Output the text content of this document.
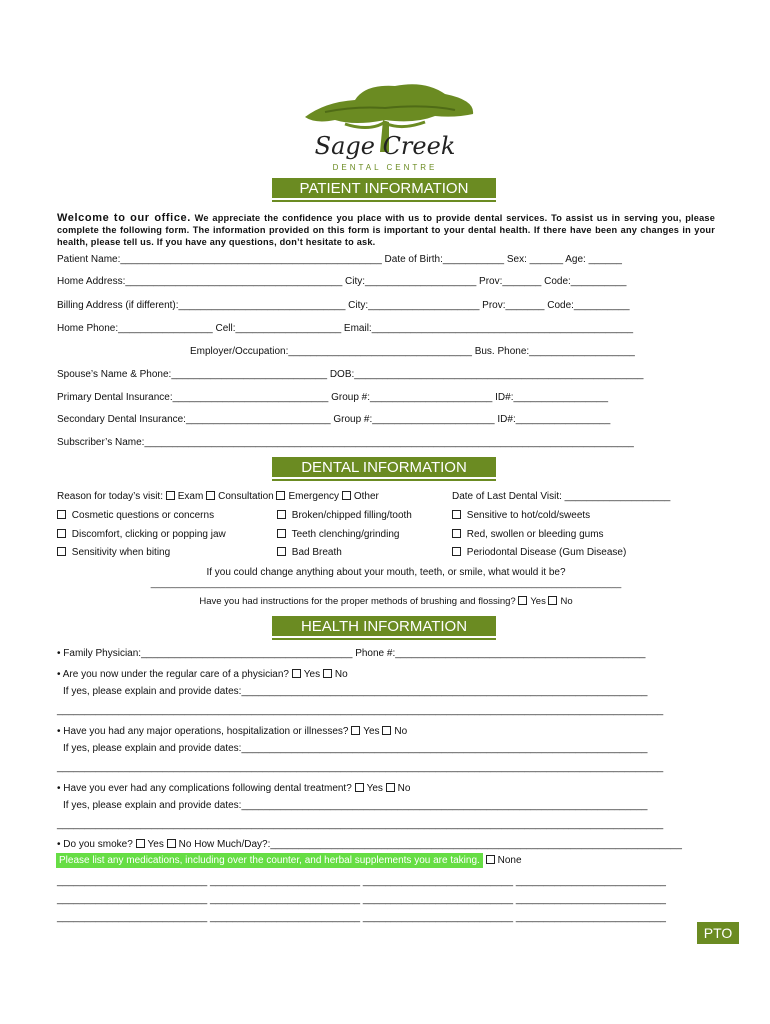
Sage Creek
DENTAL CENTRE
PATIENT INFORMATION
Welcome to our office. We appreciate the confidence you place with us to provide dental services. To assist us in serving you, please complete the following form. The information provided on this form is important to your dental health. If there have been any changes in your health, please tell us. If you have any questions, don’t hesitate to ask.
Patient Name:_______________________________________________ Date of Birth:___________ Sex: ______ Age: ______
Home Address:_______________________________________ City:____________________ Prov:_______ Code:__________
Billing Address (if different):______________________________ City:____________________ Prov:_______ Code:__________
Home Phone:_________________ Cell:___________________ Email:_______________________________________________
Employer/Occupation:_________________________________ Bus. Phone:___________________
Spouse’s Name & Phone:____________________________ DOB:____________________________________________________
Primary Dental Insurance:____________________________ Group #:______________________ ID#:_________________
Secondary Dental Insurance:__________________________ Group #:______________________ ID#:_________________
Subscriber’s Name:________________________________________________________________________________________
DENTAL INFORMATION
Reason for today’s visit: Exam Consultation Emergency Other	Date of Last Dental Visit: ___________________
Cosmetic questions or concerns
Discomfort, clicking or popping jaw
Sensitivity when biting
Broken/chipped filling/tooth
Teeth clenching/grinding
Bad Breath
Sensitive to hot/cold/sweets
Red, swollen or bleeding gums
Periodontal Disease (Gum Disease)
If you could change anything about your mouth, teeth, or smile, what would it be?
______________________________________________________________________________________________
Have you had instructions for the proper methods of brushing and flossing? Yes No
HEALTH INFORMATION
• Family Physician:______________________________________ Phone #:_____________________________________________
• Are you now under the regular care of a physician? Yes No
If yes, please explain and provide dates:_________________________________________________________________________
_____________________________________________________________________________________________________________
• Have you had any major operations, hospitalization or illnesses? Yes No
If yes, please explain and provide dates:_________________________________________________________________________
_____________________________________________________________________________________________________________
• Have you ever had any complications following dental treatment? Yes No
If yes, please explain and provide dates:_________________________________________________________________________
_____________________________________________________________________________________________________________
• Do you smoke? Yes No How Much/Day?:__________________________________________________________________________
Please list any medications, including over the counter, and herbal supplements you are taking. None
___________________________ ___________________________ ___________________________ ___________________________
___________________________ ___________________________ ___________________________ ___________________________
___________________________ ___________________________ ___________________________ ___________________________
PTO
